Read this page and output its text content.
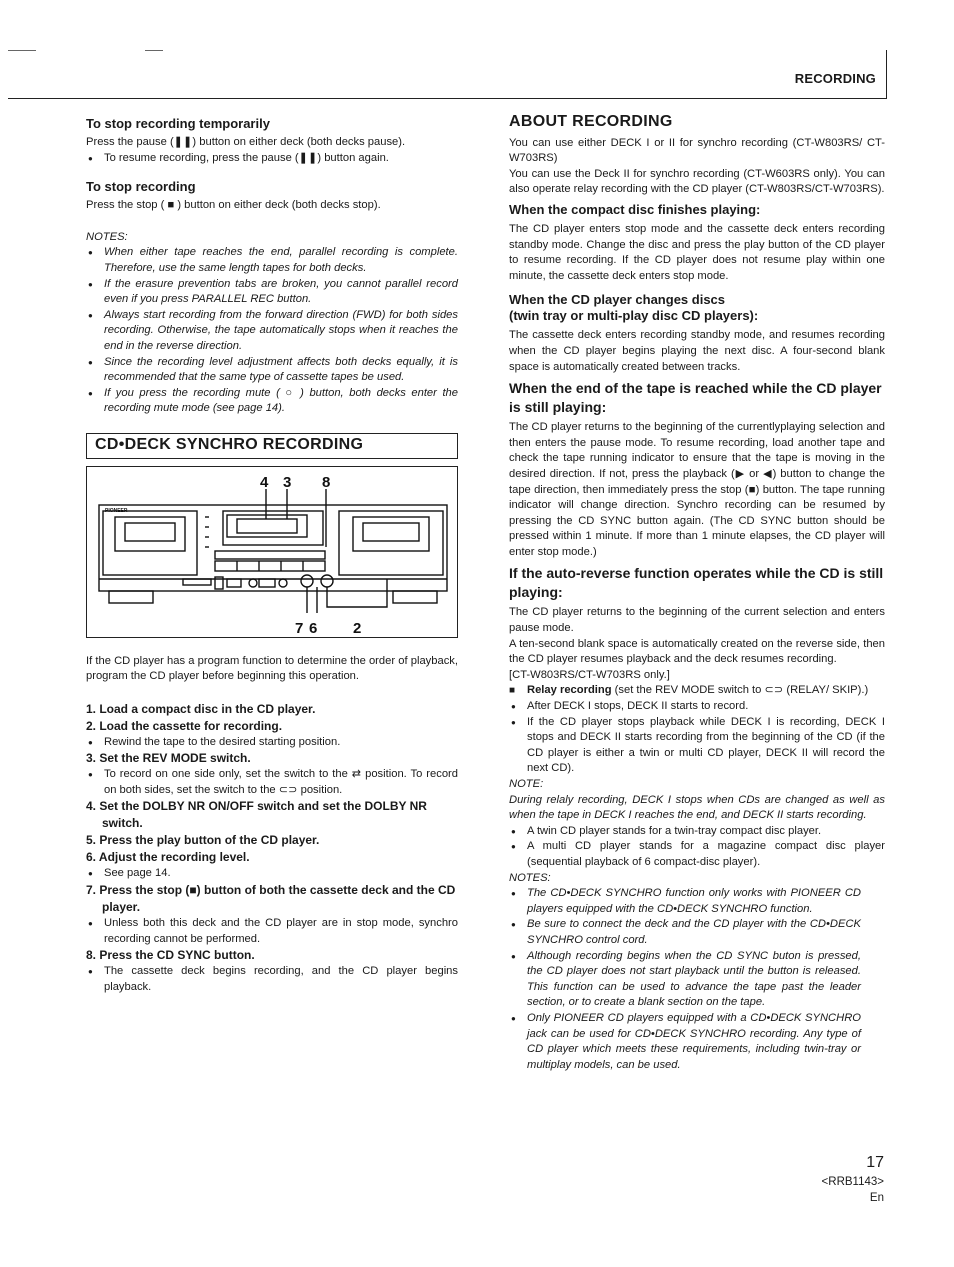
RECORDING
To stop recording temporarily

Press the pause (❚❚) button on either deck (both decks pause).

● To resume recording, press the pause (❚❚) button again.
To stop recording

Press the stop ( ■ ) button on either deck (both decks stop).

NOTES:

● When either tape reaches the end, parallel recording is complete. Therefore, use the same length tapes for both decks.
● If the erasure prevention tabs are broken, you cannot parallel record even if you press PARALLEL REC button.
● Always start recording from the forward direction (FWD) for both sides recording. Otherwise, the tape automatically stops when it reaches the end in the reverse direction.
● Since the recording level adjustment affects both decks equally, it is recommended that the same type of cassette tapes be used.
● If you press the recording mute ( ○ ) button, both decks enter the recording mute mode (see page 14).
CD•DECK SYNCHRO RECORDING
PIONEER
4 3 8
7 6 2

If the CD player has a program function to determine the order of playback, program the CD player before beginning this operation.

1. Load a compact disc in the CD player.
2. Load the cassette for recording.
● Rewind the tape to the desired starting position.
3. Set the REV MODE switch.
● To record on one side only, set the switch to the ⇄ position. To record on both sides, set the switch to the ⊂⊃ position.
4. Set the DOLBY NR ON/OFF switch and set the DOLBY NR switch.
5. Press the play button of the CD player.
6. Adjust the recording level.
● See page 14.
7. Press the stop (■) button of both the cassette deck and the CD player.
● Unless both this deck and the CD player are in stop mode, synchro recording cannot be performed.
8. Press the CD SYNC button.
● The cassette deck begins recording, and the CD player begins playback.
ABOUT RECORDING

You can use either DECK I or II for synchro recording (CT-W803RS/ CT-W703RS)

You can use the Deck II for synchro recording (CT-W603RS only). You can also operate relay recording with the CD player (CT-W803RS/CT-W703RS).

When the compact disc finishes playing:

The CD player enters stop mode and the cassette deck enters recording standby mode. Change the disc and press the play button of the CD player to resume recording. If the CD player does not resume play within one minute, the cassette deck enters stop mode.

When the CD player changes discs
(twin tray or multi-play disc CD players):

The cassette deck enters recording standby mode, and resumes recording when the CD player begins playing the next disc. A four-second blank space is automatically created between tracks.

When the end of the tape is reached while the CD player is still playing:

The CD player returns to the beginning of the currentlyplaying selection and then enters the pause mode. To resume recording, load another tape and check the tape running indicator to ensure that the tape is moving in the desired direction. If not, press the playback (▶ or ◀) button to change the tape direction, then immediately press the stop (■) button. The tape running indicator will change direction. Synchro recording can be resumed by pressing the CD SYNC button again. (The CD SYNC button should be pressed within 1 minute. If more than 1 minute elapses, the CD player will enter stop mode.)

If the auto-reverse function operates while the CD is still playing:

The CD player returns to the beginning of the current selection and enters pause mode.

A ten-second blank space is automatically created on the reverse side, then the CD player resumes playback and the deck resumes recording.

[CT-W803RS/CT-W703RS only.]

■ Relay recording (set the REV MODE switch to ⊂⊃ (RELAY/ SKIP).)
● After DECK I stops, DECK II starts to record.
● If the CD player stops playback while DECK I is recording, DECK I stops and DECK II starts recording from the beginning of the CD (if the CD player is either a twin or multi CD player, DECK II will record the next CD).

NOTE:

During relaly recording, DECK I stops when CDs are changed as well as when the tape in DECK I reaches the end, and DECK II starts recording.

● A twin CD player stands for a twin-tray compact disc player.
● A multi CD player stands for a magazine compact disc player (sequential playback of 6 compact-disc player).

NOTES:

● The CD•DECK SYNCHRO function only works with PIONEER CD players equipped with the CD•DECK SYNCHRO function.
● Be sure to connect the deck and the CD player with the CD•DECK SYNCHRO control cord.
● Although recording begins when the CD SYNC buton is pressed, the CD player does not start playback until the button is released. This function can be used to advance the tape past the leader section, or to create a blank section on the tape.
● Only PIONEER CD players equipped with a CD•DECK SYNCHRO jack can be used for CD•DECK SYNCHRO recording. Any type of CD player which meets these requirements, including twin-tray or multiplay models, can be used.
17
<RRB1143>
En
